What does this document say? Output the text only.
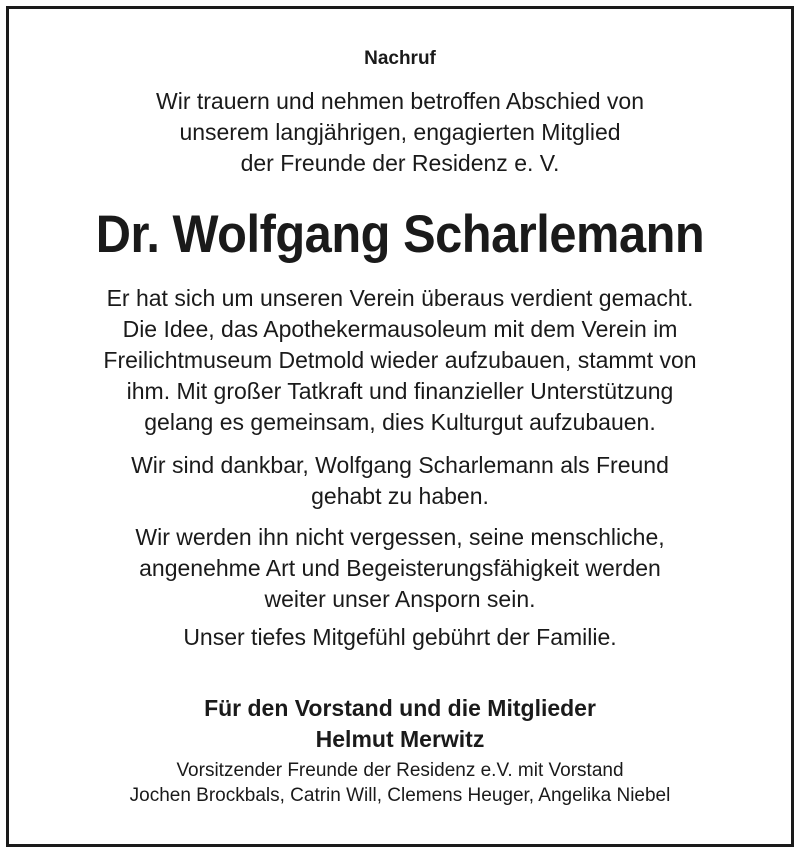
Nachruf

Wir trauern und nehmen betroffen Abschied von
unserem langjährigen, engagierten Mitglied
der Freunde der Residenz e. V.

Dr. Wolfgang Scharlemann

Er hat sich um unseren Verein überaus verdient gemacht.
Die Idee, das Apothekermausoleum mit dem Verein im
Freilichtmuseum Detmold wieder aufzubauen, stammt von
ihm. Mit großer Tatkraft und finanzieller Unterstützung
gelang es gemeinsam, dies Kulturgut aufzubauen.

Wir sind dankbar, Wolfgang Scharlemann als Freund
gehabt zu haben.

Wir werden ihn nicht vergessen, seine menschliche,
angenehme Art und Begeisterungsfähigkeit werden
weiter unser Ansporn sein.

Unser tiefes Mitgefühl gebührt der Familie.

Für den Vorstand und die Mitglieder
Helmut Merwitz
Vorsitzender Freunde der Residenz e.V. mit Vorstand
Jochen Brockbals, Catrin Will, Clemens Heuger, Angelika Niebel
